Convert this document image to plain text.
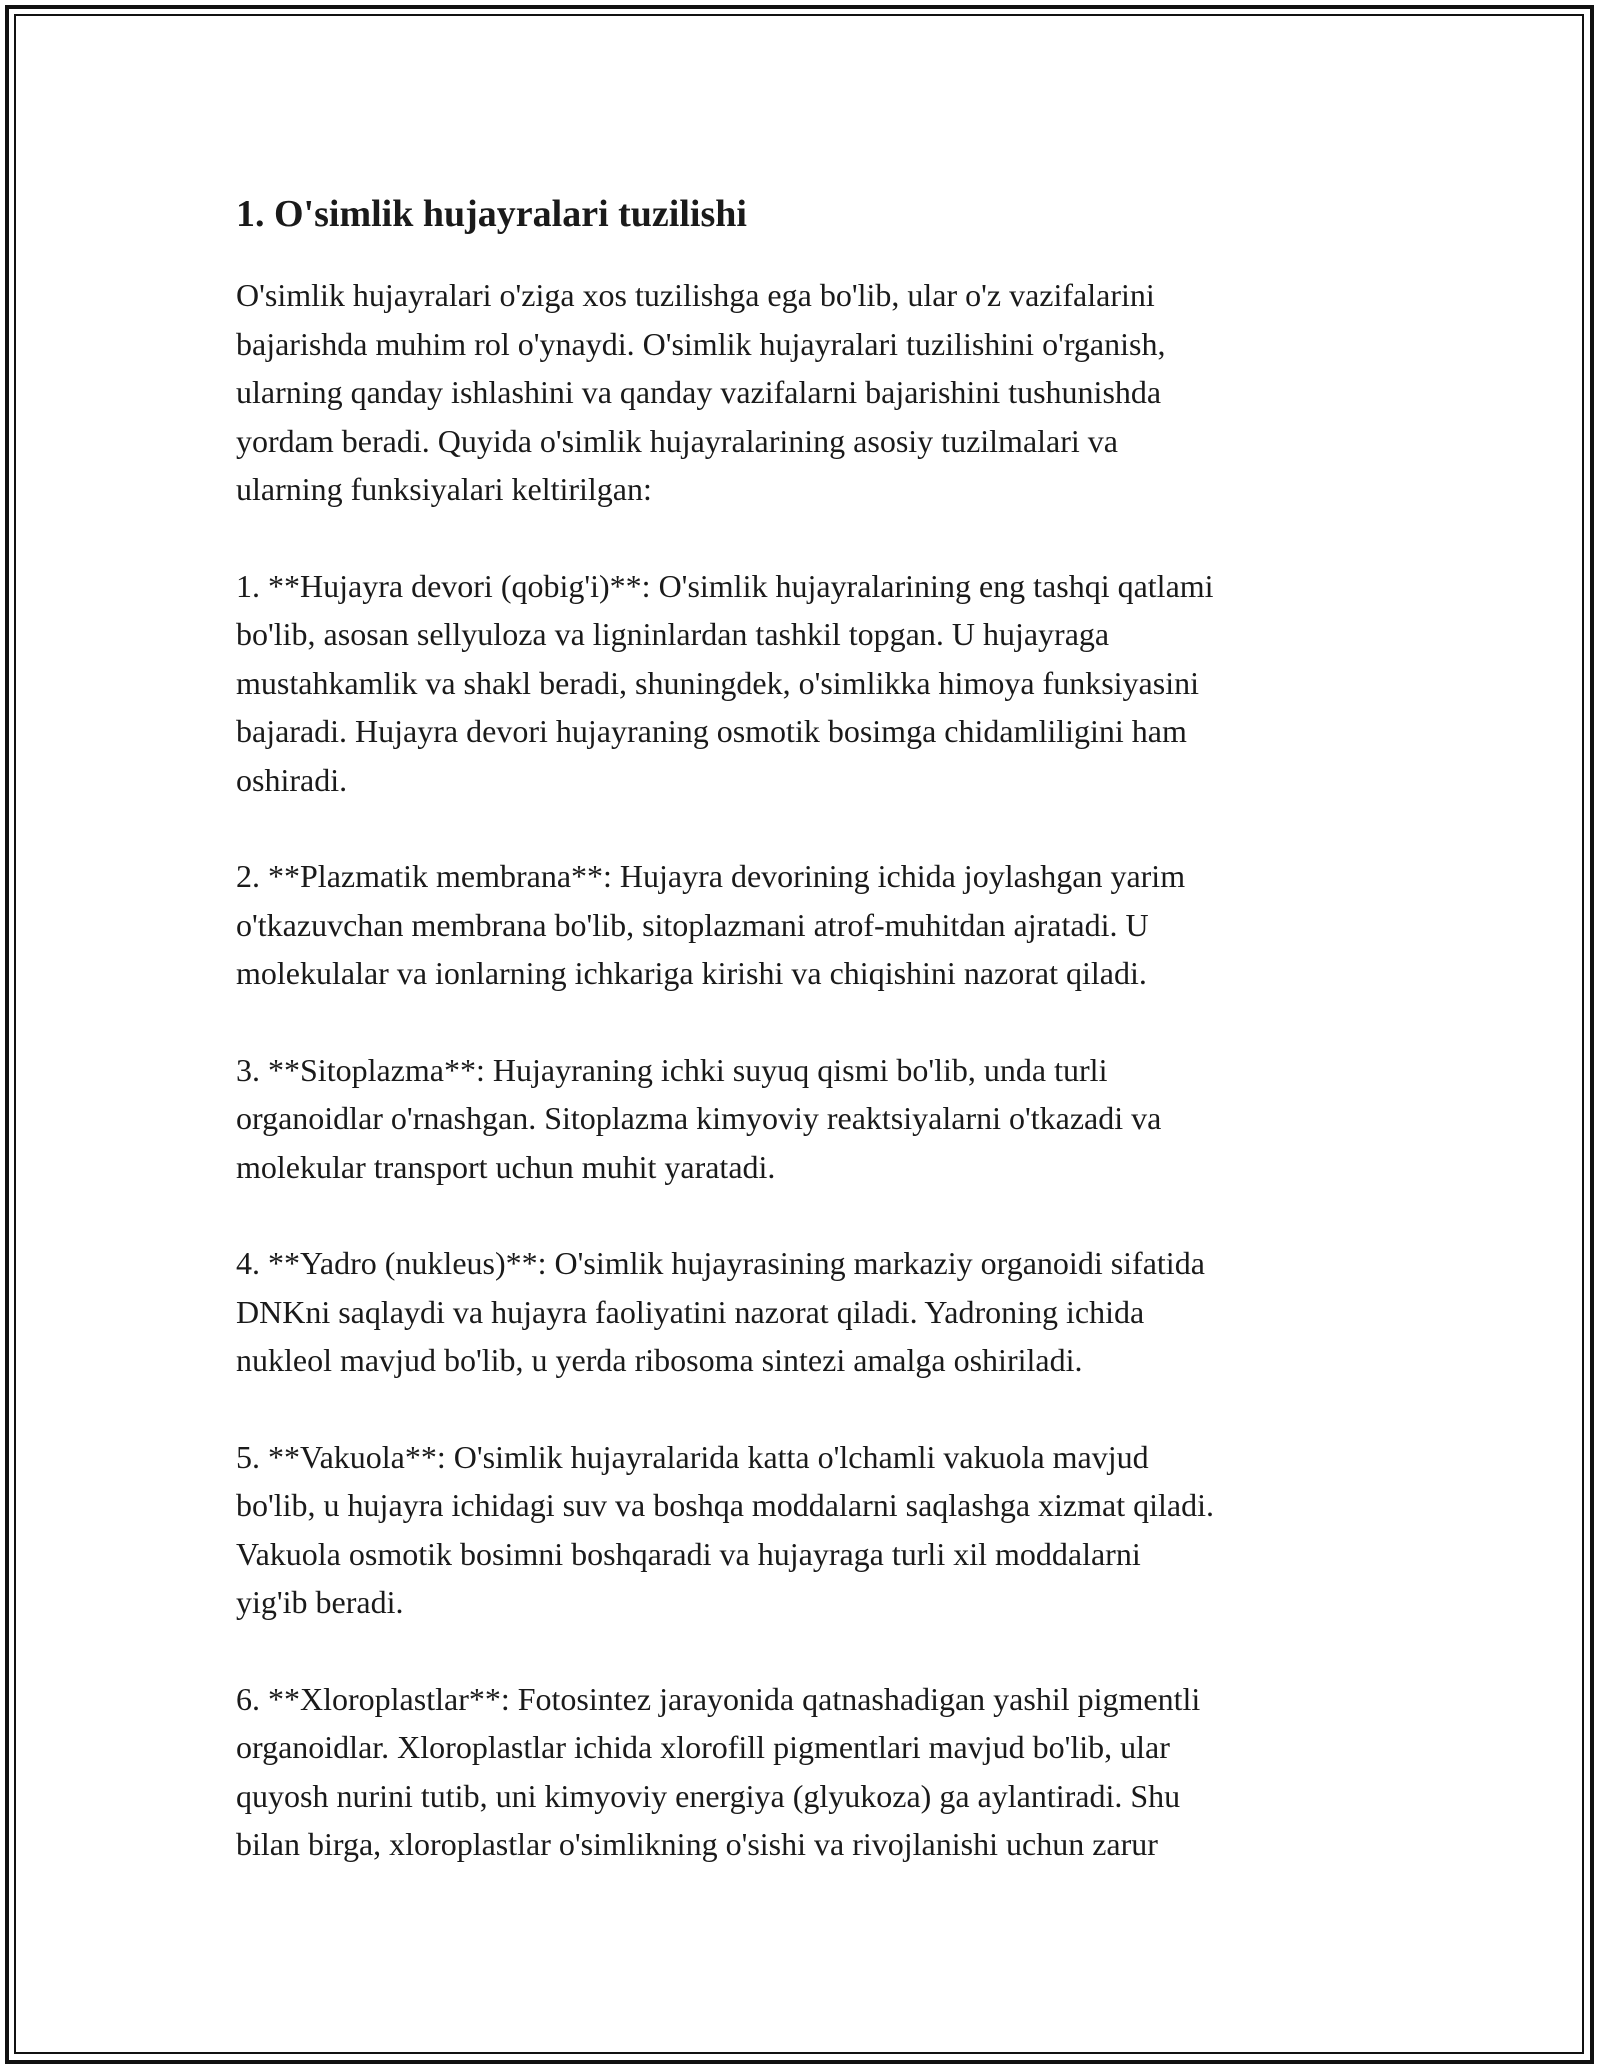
1. O'simlik hujayralari tuzilishi

O'simlik hujayralari o'ziga xos tuzilishga ega bo'lib, ular o'z vazifalarini
bajarishda muhim rol o'ynaydi. O'simlik hujayralari tuzilishini o'rganish,
ularning qanday ishlashini va qanday vazifalarni bajarishini tushunishda
yordam beradi. Quyida o'simlik hujayralarining asosiy tuzilmalari va
ularning funksiyalari keltirilgan:

1. **Hujayra devori (qobig'i)**: O'simlik hujayralarining eng tashqi qatlami
bo'lib, asosan sellyuloza va ligninlardan tashkil topgan. U hujayraga
mustahkamlik va shakl beradi, shuningdek, o'simlikka himoya funksiyasini
bajaradi. Hujayra devori hujayraning osmotik bosimga chidamliligini ham
oshiradi.

2. **Plazmatik membrana**: Hujayra devorining ichida joylashgan yarim
o'tkazuvchan membrana bo'lib, sitoplazmani atrof-muhitdan ajratadi. U
molekulalar va ionlarning ichkariga kirishi va chiqishini nazorat qiladi.

3. **Sitoplazma**: Hujayraning ichki suyuq qismi bo'lib, unda turli
organoidlar o'rnashgan. Sitoplazma kimyoviy reaktsiyalarni o'tkazadi va
molekular transport uchun muhit yaratadi.

4. **Yadro (nukleus)**: O'simlik hujayrasining markaziy organoidi sifatida
DNKni saqlaydi va hujayra faoliyatini nazorat qiladi. Yadroning ichida
nukleol mavjud bo'lib, u yerda ribosoma sintezi amalga oshiriladi.

5. **Vakuola**: O'simlik hujayralarida katta o'lchamli vakuola mavjud
bo'lib, u hujayra ichidagi suv va boshqa moddalarni saqlashga xizmat qiladi.
Vakuola osmotik bosimni boshqaradi va hujayraga turli xil moddalarni
yig'ib beradi.

6. **Xloroplastlar**: Fotosintez jarayonida qatnashadigan yashil pigmentli
organoidlar. Xloroplastlar ichida xlorofill pigmentlari mavjud bo'lib, ular
quyosh nurini tutib, uni kimyoviy energiya (glyukoza) ga aylantiradi. Shu
bilan birga, xloroplastlar o'simlikning o'sishi va rivojlanishi uchun zarur
